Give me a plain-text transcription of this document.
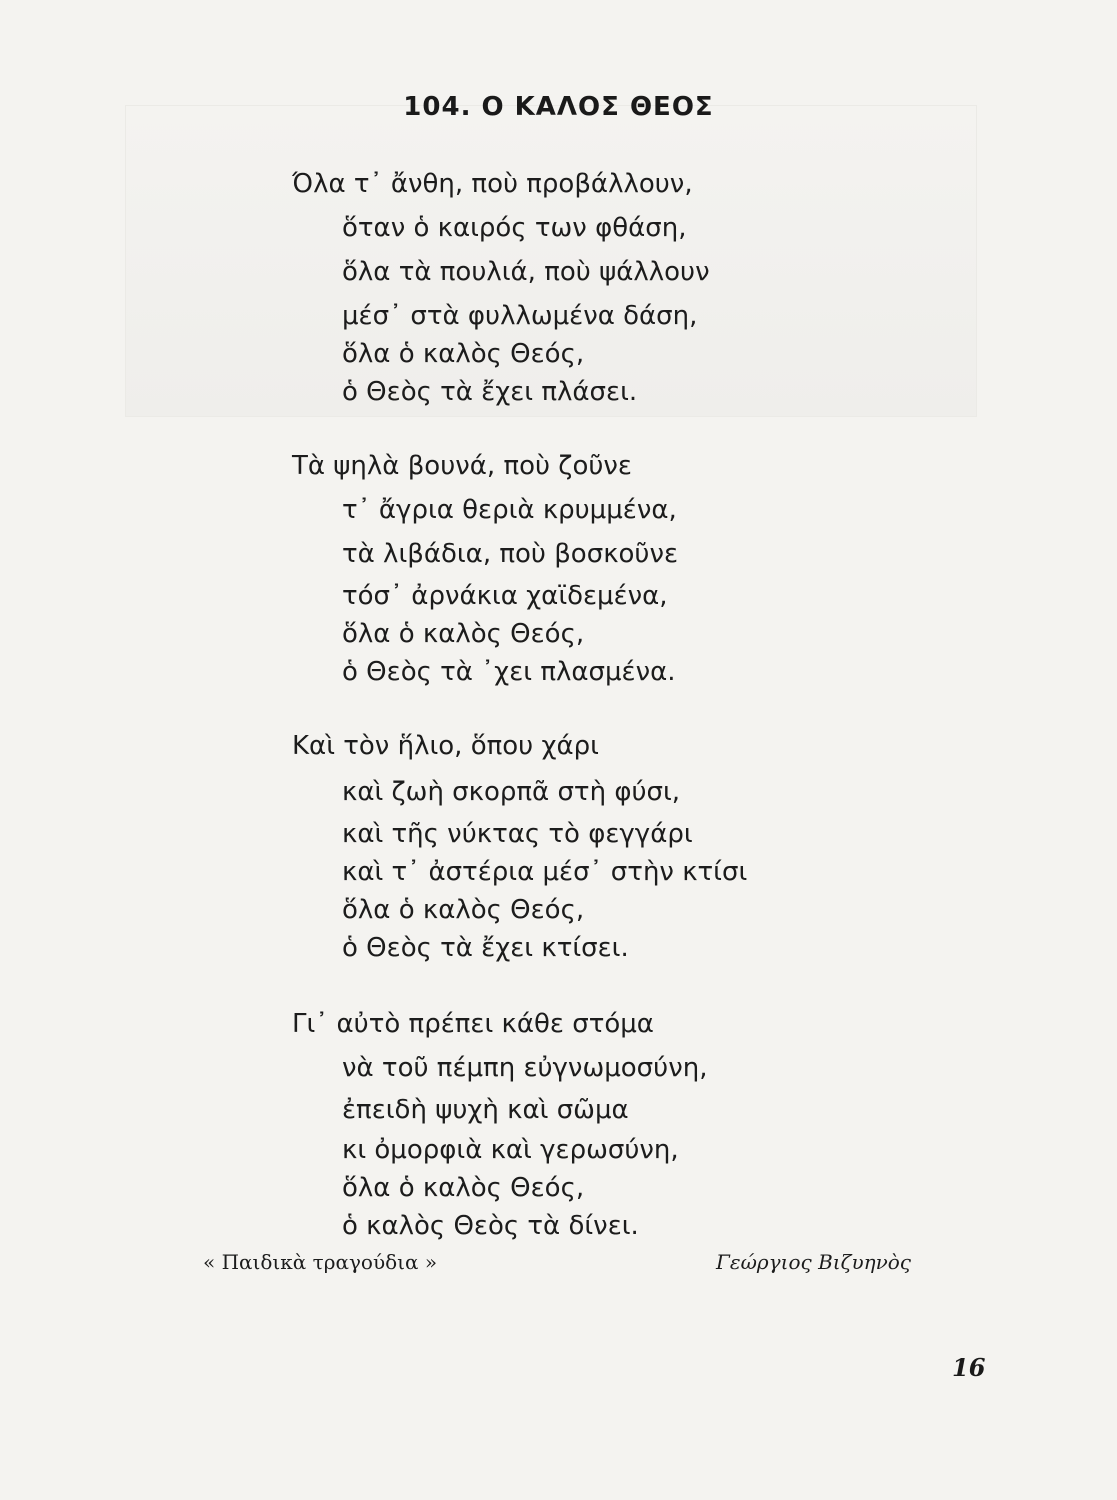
104. Ο ΚΑΛΟΣ ΘΕΟΣ
Όλα τ᾽ ἄνθη, ποὺ προβάλλουν,
ὅταν ὁ καιρός των φθάση,
ὅλα τὰ πουλιά, ποὺ ψάλλουν
μέσ᾽ στὰ φυλλωμένα δάση,
ὅλα ὁ καλὸς Θεός,
ὁ Θεὸς τὰ ἔχει πλάσει.
Τὰ ψηλὰ βουνά, ποὺ ζοῦνε
τ᾽ ἄγρια θεριὰ κρυμμένα,
τὰ λιβάδια, ποὺ βοσκοῦνε
τόσ᾽ ἀρνάκια χαϊδεμένα,
ὅλα ὁ καλὸς Θεός,
ὁ Θεὸς τὰ ᾽χει πλασμένα.
Καὶ τὸν ἥλιο, ὅπου χάρι
καὶ ζωὴ σκορπᾶ στὴ φύσι,
καὶ τῆς νύκτας τὸ φεγγάρι
καὶ τ᾽ ἀστέρια μέσ᾽ στὴν κτίσι
ὅλα ὁ καλὸς Θεός,
ὁ Θεὸς τὰ ἔχει κτίσει.
Γι᾽ αὐτὸ πρέπει κάθε στόμα
νὰ τοῦ πέμπη εὐγνωμοσύνη,
ἐπειδὴ ψυχὴ καὶ σῶμα
κι ὀμορφιὰ καὶ γερωσύνη,
ὅλα ὁ καλὸς Θεός,
ὁ καλὸς Θεὸς τὰ δίνει.
« Παιδικὰ τραγούδια »	Γεώργιος Βιζυηνὸς
16
